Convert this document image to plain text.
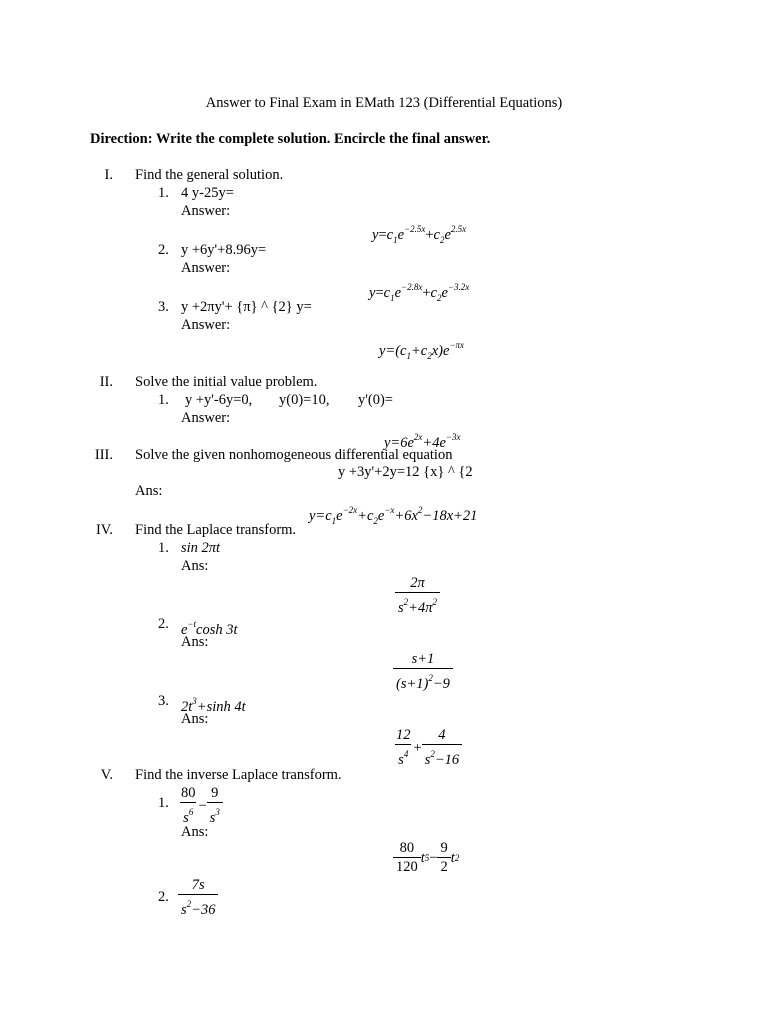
Answer to Final Exam in EMath 123 (Differential Equations)
Direction: Write the complete solution. Encircle the final answer.
I. Find the general solution.
1. 4 y-25y=
Answer:
$y=c_1e^{-2.5x}+c_2e^{2.5x}$
2. y +6y'+8.96y=
Answer:
$y=c_1e^{-2.8x}+c_2e^{-3.2x}$
3. y +2πy'+ {π} ^ {2} y=
Answer:
$y=(c_1+c_2x)e^{-\pi x}$
II. Solve the initial value problem.
1. y +y'-6y=0, y(0)=10, y'(0)=
Answer:
$y=6e^{2x}+4e^{-3x}$
III. Solve the given nonhomogeneous differential equation
y +3y'+2y=12 {x} ^ {2
Ans:
$y=c_1e^{-2x}+c_2e^{-x}+6x^2-18x+21$
IV. Find the Laplace transform.
1. sin 2πt
Ans:
$\frac{2\pi}{s^2+4\pi^2}$
2. $e^{-t}\cosh$ 3t
Ans:
$\frac{s+1}{(s+1)^2-9}$
3. $2t^3+\sinh$ 4t
Ans:
$\frac{12}{s^4} + \frac{4}{s^2-16}$
V. Find the inverse Laplace transform.
1. $\frac{80}{s^6} - \frac{9}{s^3}$
Ans:
$\frac{80}{120}$ t $5 - \frac{9}{2}$ t 2
2. $\frac{7s}{s^2-36}$
